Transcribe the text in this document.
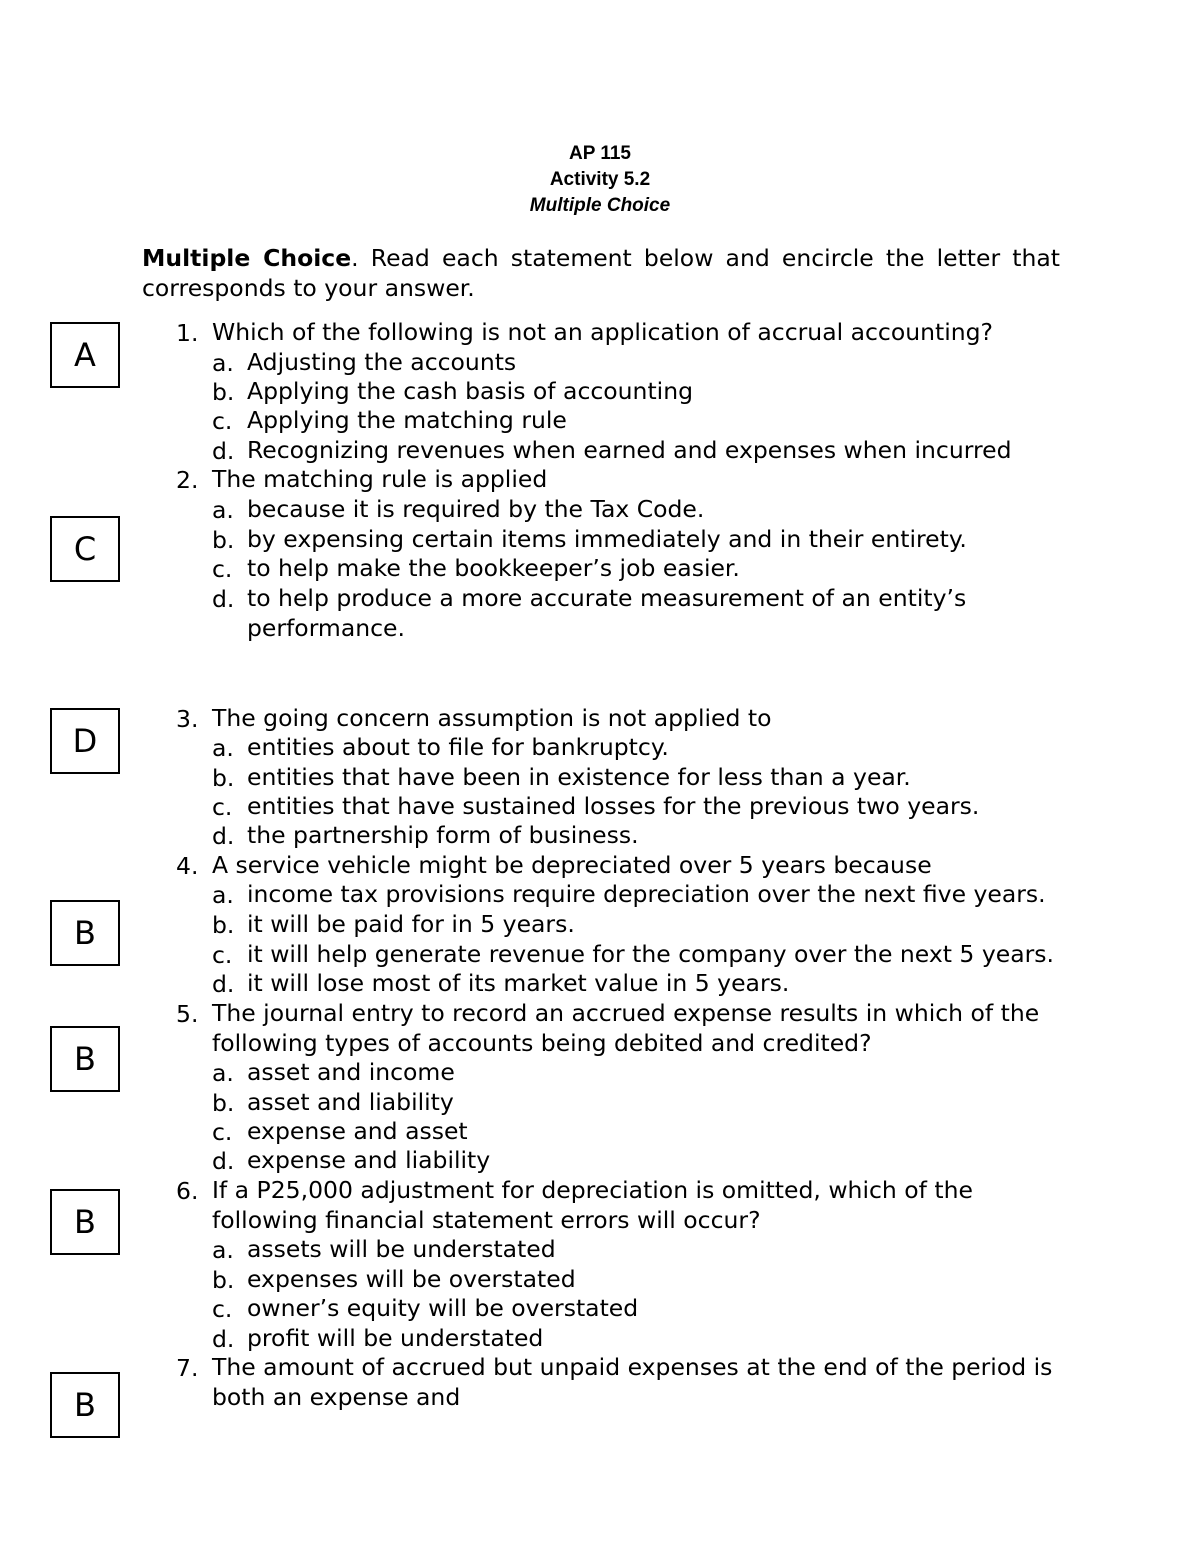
AP 115
Activity 5.2
Multiple Choice
Multiple Choice. Read each statement below and encircle the letter that corresponds to your answer.
A
C
D
B
B
B
B
1. Which of the following is not an application of accrual accounting?
a. Adjusting the accounts
b. Applying the cash basis of accounting
c. Applying the matching rule
d. Recognizing revenues when earned and expenses when incurred
2. The matching rule is applied
a. because it is required by the Tax Code.
b. by expensing certain items immediately and in their entirety.
c. to help make the bookkeeper’s job easier.
d. to help produce a more accurate measurement of an entity’s performance.
3. The going concern assumption is not applied to
a. entities about to file for bankruptcy.
b. entities that have been in existence for less than a year.
c. entities that have sustained losses for the previous two years.
d. the partnership form of business.
4. A service vehicle might be depreciated over 5 years because
a. income tax provisions require depreciation over the next five years.
b. it will be paid for in 5 years.
c. it will help generate revenue for the company over the next 5 years.
d. it will lose most of its market value in 5 years.
5. The journal entry to record an accrued expense results in which of the following types of accounts being debited and credited?
a. asset and income
b. asset and liability
c. expense and asset
d. expense and liability
6. If a P25,000 adjustment for depreciation is omitted, which of the following financial statement errors will occur?
a. assets will be understated
b. expenses will be overstated
c. owner’s equity will be overstated
d. profit will be understated
7. The amount of accrued but unpaid expenses at the end of the period is both an expense and
